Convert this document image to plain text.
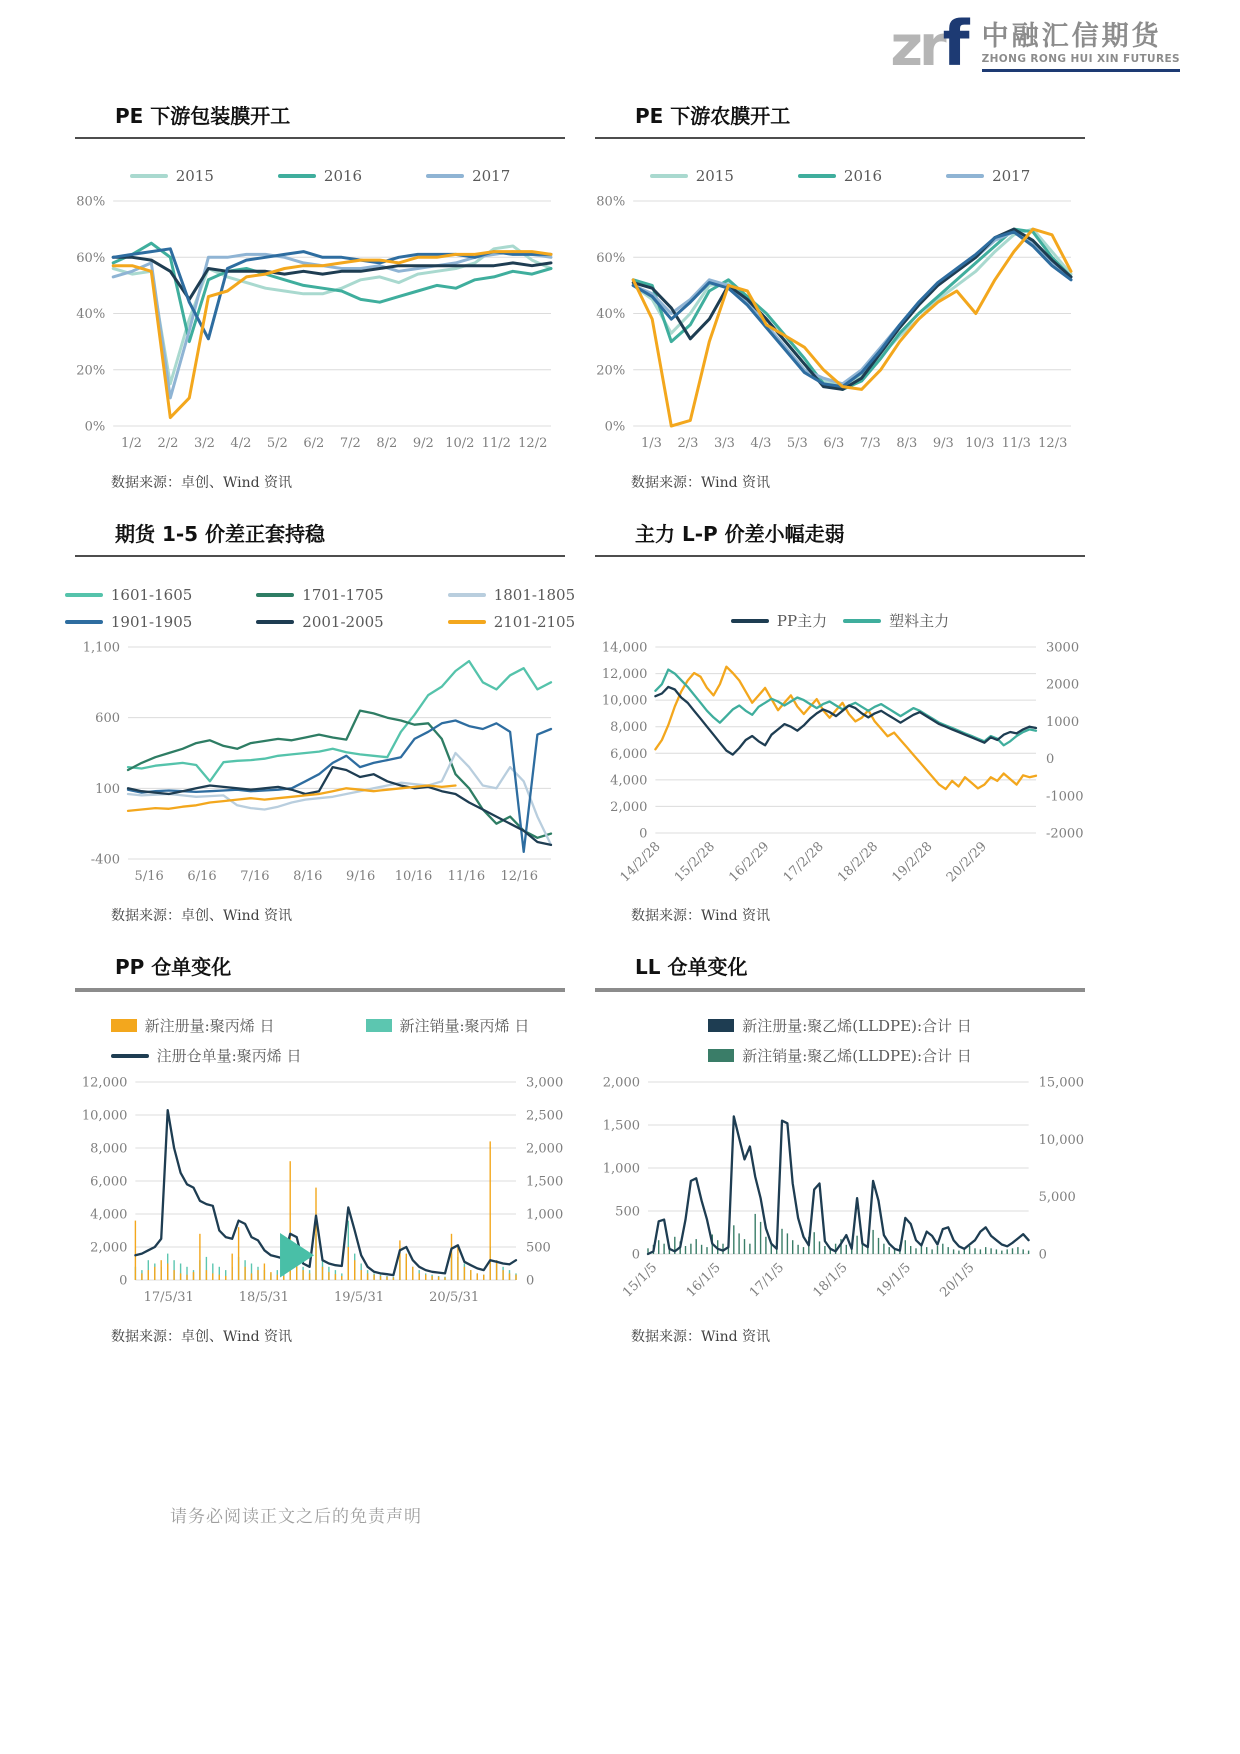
zrf 中融汇信期货
ZHONG RONG HUI XIN FUTURES
PE 下游包装膜开工
2015	2016	2017
0%
20%
40%
60%
80%
1/2 2/2 3/2 4/2 5/2 6/2 7/2 8/2 9/2 10/2 11/2 12/2
数据来源：卓创、Wind 资讯
PE 下游农膜开工
2015	2016	2017
0%
20%
40%
60%
80%
1/3 2/3 3/3 4/3 5/3 6/3 7/3 8/3 9/3 10/3 11/3 12/3
数据来源：Wind 资讯
期货 1-5 价差正套持稳
1601-1605	1701-1705	1801-1805
1901-1905	2001-2005	2101-2105
-400
100
600
1,100
5/16 6/16 7/16 8/16 9/16 10/16 11/16 12/16
数据来源：卓创、Wind 资讯
主力 L-P 价差小幅走弱
PP主力	塑料主力
0
2,000
4,000
6,000
8,000
10,000
12,000
14,000
-2000
-1000
0
1000
2000
3000
14/2/28 15/2/28 16/2/29 17/2/28 18/2/28 19/2/28 20/2/29
数据来源：Wind 资讯
PP 仓单变化
新注册量:聚丙烯 日	新注销量:聚丙烯 日
注册仓单量:聚丙烯 日
0
2,000
4,000
6,000
8,000
10,000
12,000
0
500
1,000
1,500
2,000
2,500
3,000
17/5/31	18/5/31	19/5/31	20/5/31
数据来源：卓创、Wind 资讯
LL 仓单变化
新注册量:聚乙烯(LLDPE):合计 日
新注销量:聚乙烯(LLDPE):合计 日
0
500
1,000
1,500
2,000
0
5,000
10,000
15,000
15/1/5 16/1/5 17/1/5 18/1/5 19/1/5 20/1/5
数据来源：Wind 资讯
请务必阅读正文之后的免责声明
